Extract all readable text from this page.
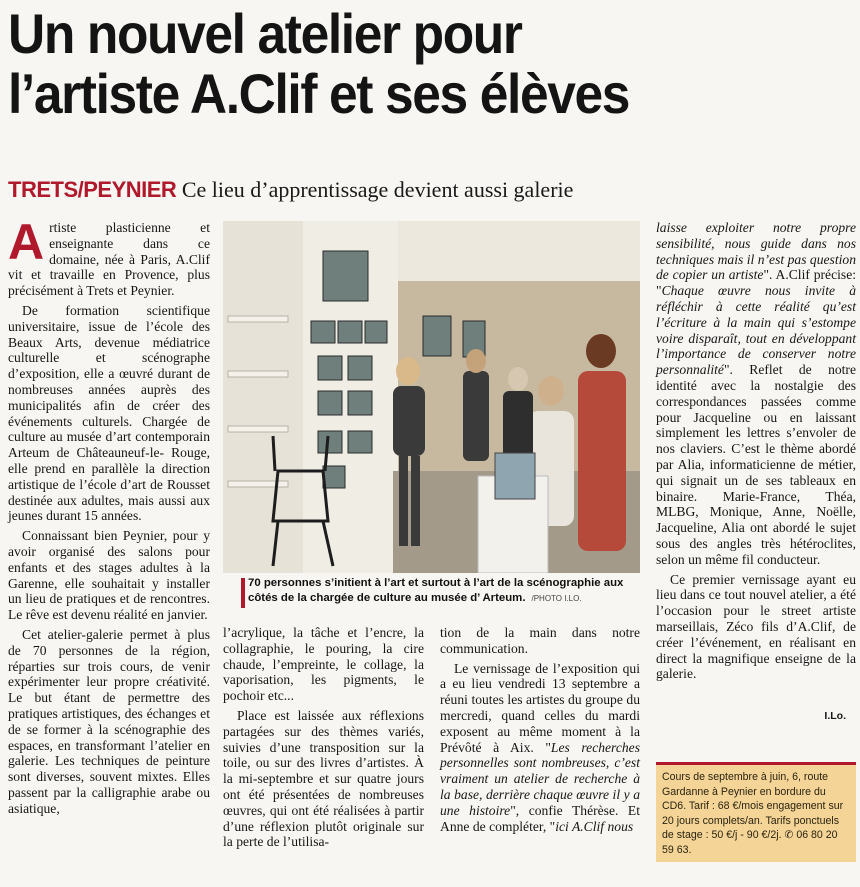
Un nouvel atelier pour
l’artiste A.Clif et ses élèves
TRETS/PEYNIER Ce lieu d’apprentissage devient aussi galerie

Artiste plasticienne et enseignante dans ce domaine, née à Paris, A.Clif vit et travaille en Provence, plus précisément à Trets et Peynier.

De formation scientifique universitaire, issue de l’école des Beaux Arts, devenue médiatrice culturelle et scénographe d’exposition, elle a œuvré durant de nombreuses années auprès des municipalités afin de créer des événements culturels. Chargée de culture au musée d’art contemporain Arteum de Châteauneuf-le- Rouge, elle prend en parallèle la direction artistique de l’école d’art de Rousset destinée aux adultes, mais aussi aux jeunes durant 15 années.

Connaissant bien Peynier, pour y avoir organisé des salons pour enfants et des stages adultes à la Garenne, elle souhaitait y installer un lieu de pratiques et de rencontres. Le rêve est devenu réalité en janvier.

Cet atelier-galerie permet à plus de 70 personnes de la région, réparties sur trois cours, de venir expérimenter leur propre créativité. Le but étant de permettre des pratiques artistiques, des échanges et de se former à la scénographie des espaces, en transformant l’atelier en galerie. Les techniques de peinture sont diverses, souvent mixtes. Elles passent par la calligraphie arabe ou asiatique,

70 personnes s’initient à l’art et surtout à l’art de la scénographie aux côtés de la chargée de culture au musée d’ Arteum. /PHOTO I.LO.

l’acrylique, la tâche et l’encre, la collagraphie, le pouring, la cire chaude, l’empreinte, le collage, la vaporisation, les pigments, le pochoir etc...

Place est laissée aux réflexions partagées sur des thèmes variés, suivies d’une transposition sur la toile, ou sur des livres d’artistes. À la mi-septembre et sur quatre jours ont été présentées de nombreuses œuvres, qui ont été réalisées à partir d’une réflexion plutôt originale sur la perte de l’utilisa-

tion de la main dans notre communication.

Le vernissage de l’exposition qui a eu lieu vendredi 13 septembre a réuni toutes les artistes du groupe du mercredi, quand celles du mardi exposent au même moment à la Prévôté à Aix. "Les recherches personnelles sont nombreuses, c’est vraiment un atelier de recherche à la base, derrière chaque œuvre il y a une histoire", confie Thérèse. Et Anne de compléter, "ici A.Clif nous

laisse exploiter notre propre sensibilité, nous guide dans nos techniques mais il n’est pas question de copier un artiste". A.Clif précise: "Chaque œuvre nous invite à réfléchir à cette réalité qu’est l’écriture à la main qui s’estompe voire disparaît, tout en développant l’importance de conserver notre personnalité". Reflet de notre identité avec la nostalgie des correspondances passées comme pour Jacqueline ou en laissant simplement les lettres s’envoler de nos claviers. C’est le thème abordé par Alia, informaticienne de métier, qui signait un de ses tableaux en binaire. Marie-France, Théa, MLBG, Monique, Anne, Noëlle, Jacqueline, Alia ont abordé le sujet sous des angles très hétéroclites, selon un même fil conducteur.

Ce premier vernissage ayant eu lieu dans ce tout nouvel atelier, a été l’occasion pour le street artiste marseillais, Zéco fils d’A.Clif, de créer l’événement, en réalisant en direct la magnifique enseigne de la galerie.

I.Lo.

Cours de septembre à juin, 6, route Gardanne à Peynier en bordure du CD6. Tarif : 68 €/mois engagement sur 20 jours complets/an. Tarifs ponctuels de stage : 50 €/j - 90 €/2j. ✆ 06 80 20 59 63.
